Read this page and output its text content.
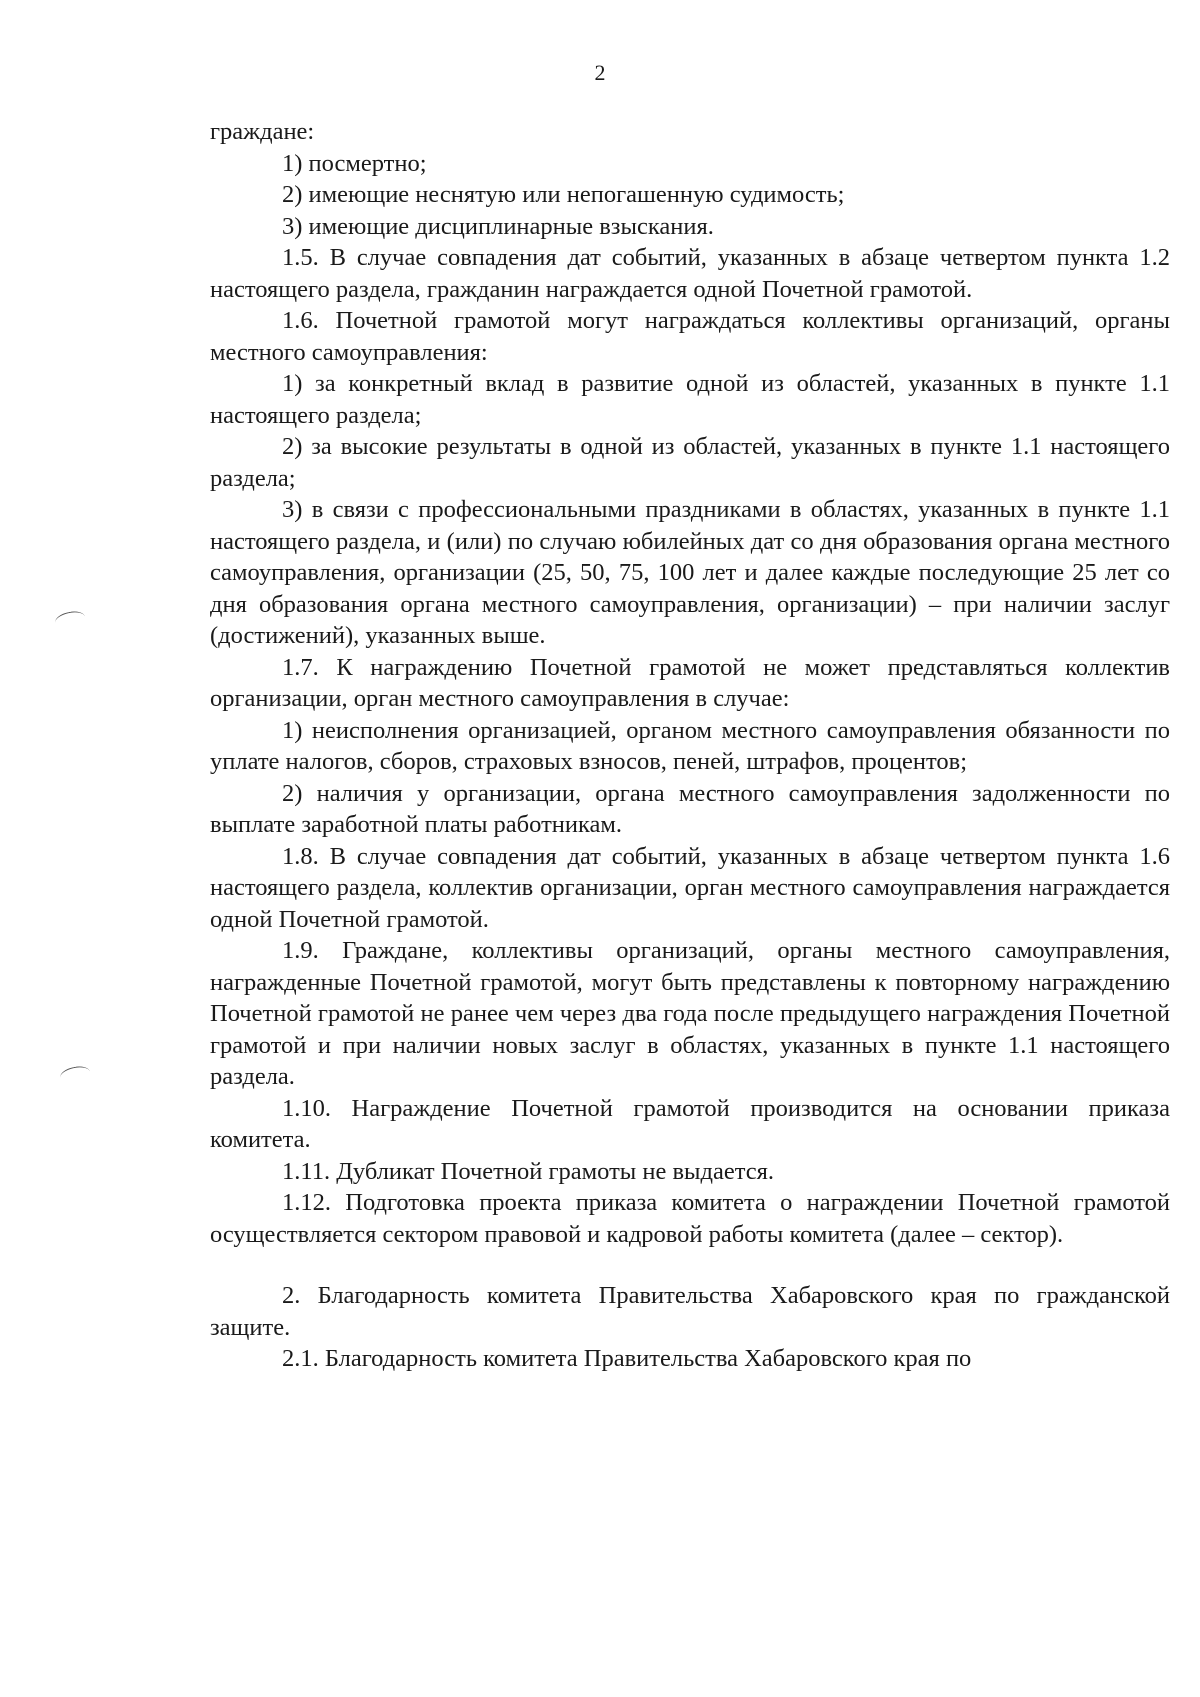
2

граждане:

1) посмертно;

2) имеющие неснятую или непогашенную судимость;

3) имеющие дисциплинарные взыскания.

1.5. В случае совпадения дат событий, указанных в абзаце четвертом пункта 1.2 настоящего раздела, гражданин награждается одной Почетной грамотой.

1.6. Почетной грамотой могут награждаться коллективы организаций, органы местного самоуправления:

1) за конкретный вклад в развитие одной из областей, указанных в пункте 1.1 настоящего раздела;

2) за высокие результаты в одной из областей, указанных в пункте 1.1 настоящего раздела;

3) в связи с профессиональными праздниками в областях, указанных в пункте 1.1 настоящего раздела, и (или) по случаю юбилейных дат со дня образования органа местного самоуправления, организации (25, 50, 75, 100 лет и далее каждые последующие 25 лет со дня образования органа местного самоуправления, организации) – при наличии заслуг (достижений), указанных выше.

1.7. К награждению Почетной грамотой не может представляться коллектив организации, орган местного самоуправления в случае:

1) неисполнения организацией, органом местного самоуправления обязанности по уплате налогов, сборов, страховых взносов, пеней, штрафов, процентов;

2) наличия у организации, органа местного самоуправления задолженности по выплате заработной платы работникам.

1.8. В случае совпадения дат событий, указанных в абзаце четвертом пункта 1.6 настоящего раздела, коллектив организации, орган местного самоуправления награждается одной Почетной грамотой.

1.9. Граждане, коллективы организаций, органы местного самоуправления, награжденные Почетной грамотой, могут быть представлены к повторному награждению Почетной грамотой не ранее чем через два года после предыдущего награждения Почетной грамотой и при наличии новых заслуг в областях, указанных в пункте 1.1 настоящего раздела.

1.10. Награждение Почетной грамотой производится на основании приказа комитета.

1.11. Дубликат Почетной грамоты не выдается.

1.12. Подготовка проекта приказа комитета о награждении Почетной грамотой осуществляется сектором правовой и кадровой работы комитета (далее – сектор).

2. Благодарность комитета Правительства Хабаровского края по гражданской защите.

2.1. Благодарность комитета Правительства Хабаровского края по
